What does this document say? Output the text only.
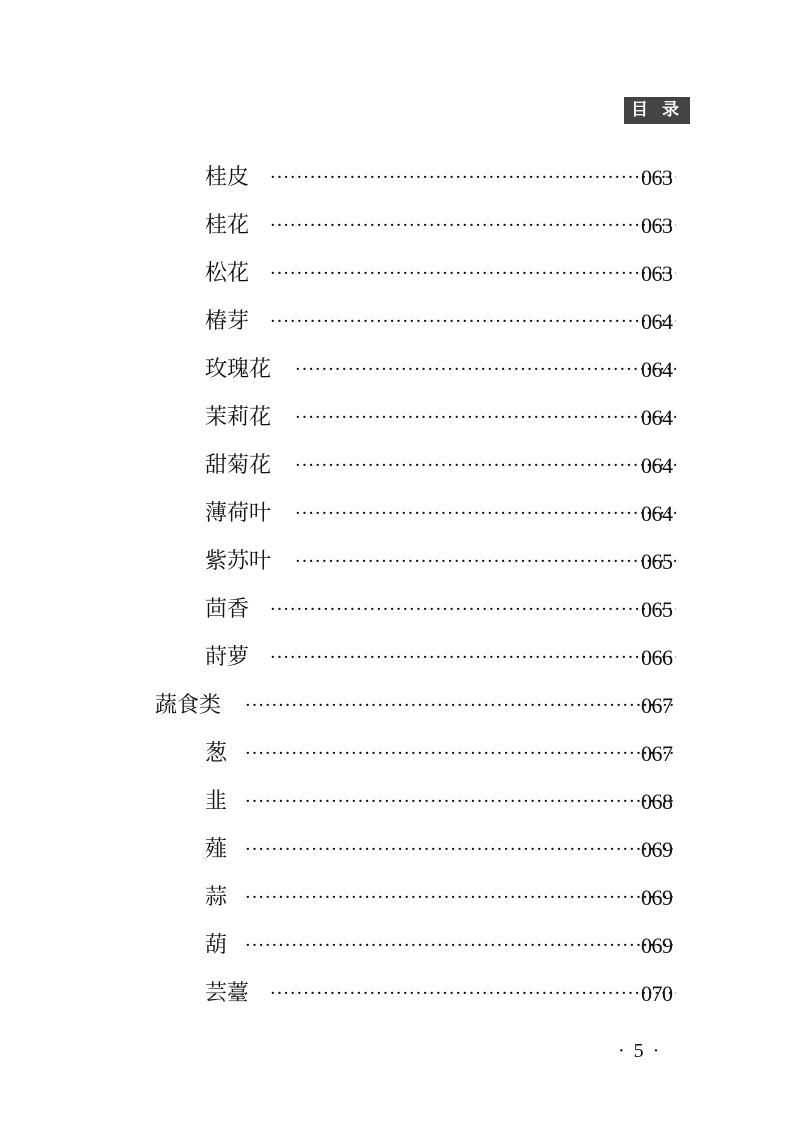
目 录
桂皮 ·····	063
桂花 ·····	063
松花 ·····	063
椿芽 ·····	064
玫瑰花 ·····	064
茉莉花 ·····	064
甜菊花 ·····	064
薄荷叶 ·····	064
紫苏叶 ·····	065
茴香 ·····	065
莳萝 ·····	066
蔬食类 ·····	067
葱 ·····	067
韭 ·····	068
薤 ·····	069
蒜 ·····	069
葫 ·····	069
芸薹 ·····	070
· 5 ·
